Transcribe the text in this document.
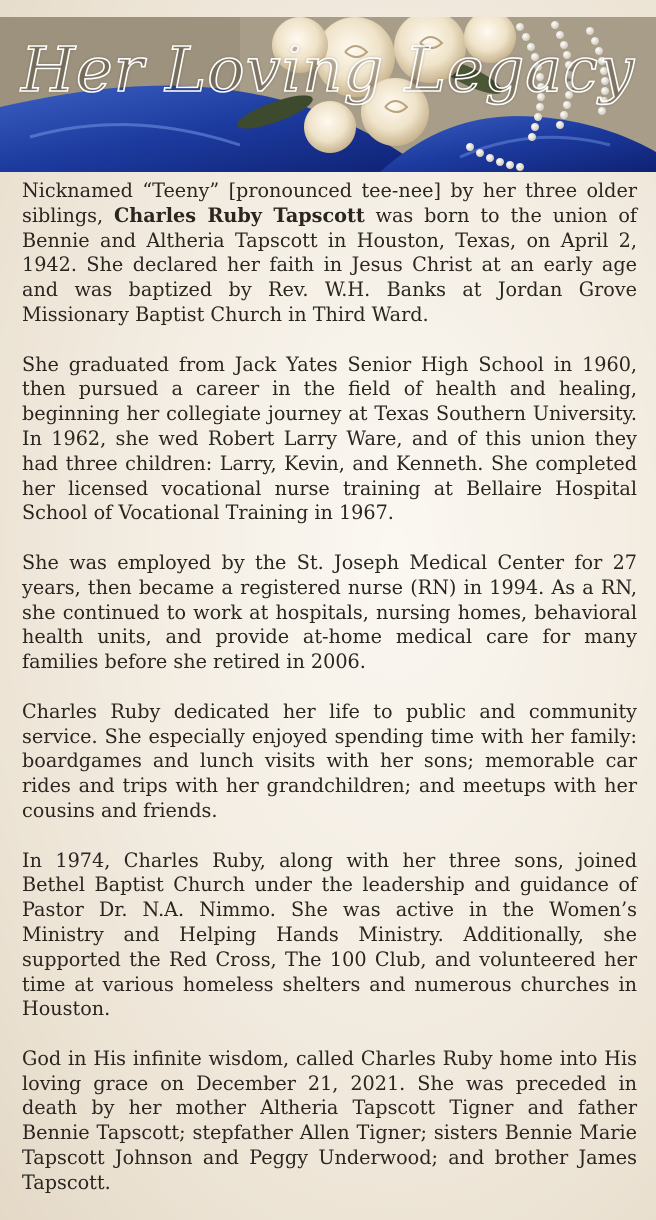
Her Loving Legacy

Nicknamed “Teeny” [pronounced tee-nee] by her three older siblings, Charles Ruby Tapscott was born to the union of Bennie and Altheria Tapscott in Houston, Texas, on April 2, 1942. She declared her faith in Jesus Christ at an early age and was baptized by Rev. W.H. Banks at Jordan Grove Missionary Baptist Church in Third Ward.

She graduated from Jack Yates Senior High School in 1960, then pursued a career in the field of health and healing, beginning her collegiate journey at Texas Southern University. In 1962, she wed Robert Larry Ware, and of this union they had three children: Larry, Kevin, and Kenneth. She completed her licensed vocational nurse training at Bellaire Hospital School of Vocational Training in 1967.

She was employed by the St. Joseph Medical Center for 27 years, then became a registered nurse (RN) in 1994. As a RN, she continued to work at hospitals, nursing homes, behavioral health units, and provide at-home medical care for many families before she retired in 2006.

Charles Ruby dedicated her life to public and community service. She especially enjoyed spending time with her family: boardgames and lunch visits with her sons; memorable car rides and trips with her grandchildren; and meetups with her cousins and friends.

In 1974, Charles Ruby, along with her three sons, joined Bethel Baptist Church under the leadership and guidance of Pastor Dr. N.A. Nimmo. She was active in the Women’s Ministry and Helping Hands Ministry. Additionally, she supported the Red Cross, The 100 Club, and volunteered her time at various homeless shelters and numerous churches in Houston.

God in His infinite wisdom, called Charles Ruby home into His loving grace on December 21, 2021. She was preceded in death by her mother Altheria Tapscott Tigner and father Bennie Tapscott; stepfather Allen Tigner; sisters Bennie Marie Tapscott Johnson and Peggy Underwood; and brother James Tapscott.
